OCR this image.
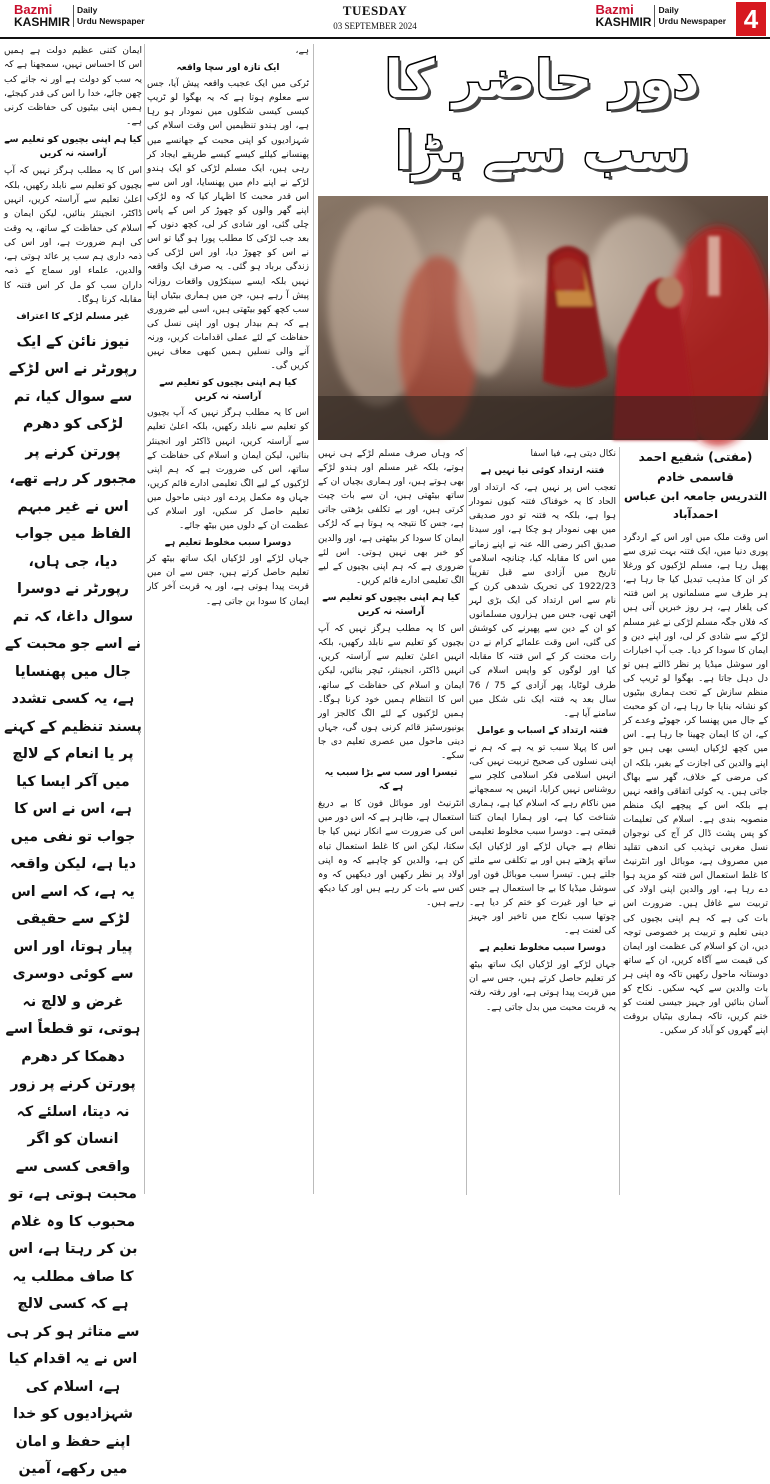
Bazmi
KASHMIR
Daily
Urdu Newspaper
TUESDAY
03 SEPTEMBER 2024
Bazmi
KASHMIR
Daily
Urdu Newspaper 4

ایمان کتنی عظیم دولت ہے ہمیں اس کا احساس نہیں، سمجھنا ہے کہ یہ سب کو دولت ہے اور نہ جانے کب چھن جائے، خدا را اس کی قدر کیجئے، ہمیں اپنی بیٹیوں کی حفاظت کرنی ہے۔

کیا ہم اپنی بچیوں کو تعلیم سے آراستہ نہ کریں

اس کا یہ مطلب ہرگز نہیں کہ آپ بچیوں کو تعلیم سے نابلد رکھیں، بلکہ اعلیٰ تعلیم سے آراستہ کریں، انہیں ڈاکٹر، انجینئر بنائیں، لیکن ایمان و اسلام کی حفاظت کے ساتھ، یہ وقت کی اہم ضرورت ہے، اور اس کی ذمہ داری ہم سب پر عائد ہوتی ہے، والدین، علماء اور سماج کے ذمہ داران سب کو مل کر اس فتنہ کا مقابلہ کرنا ہوگا۔

غیر مسلم لڑکے کا اعتراف

نیوز نائن کے ایک رپورٹر نے اس لڑکے سے سوال کیا، تم لڑکی کو دھرم پورتن کرنے پر مجبور کر رہے تھے، اس نے غیر مبہم الفاظ میں جواب دیا، جی ہاں، رپورٹر نے دوسرا سوال داغا، کہ تم نے اسے جو محبت کے جال میں پھنسایا ہے، یہ کسی تشدد پسند تنظیم کے کہنے پر یا انعام کے لالچ میں آکر ایسا کیا ہے، اس نے اس کا جواب تو نفی میں دیا ہے، لیکن واقعہ یہ ہے، کہ اسے اس لڑکے سے حقیقی پیار ہوتا، اور اس سے کوئی دوسری غرض و لالچ نہ ہوتی، تو قطعاً اسے دھمکا کر دھرم پورتن کرنے پر زور نہ دیتا، اسلئے کہ انسان کو اگر واقعی کسی سے محبت ہوتی ہے، تو محبوب کا وہ غلام بن کر رہتا ہے، اس کا صاف مطلب یہ ہے کہ کسی لالچ سے متاثر ہو کر ہی اس نے یہ اقدام کیا ہے، اسلام کی شہزادیوں کو خدا اپنے حفظ و امان میں رکھے، آمین

ہے،

ایک تازہ اور سچا واقعہ

ٹرکی میں ایک عجیب واقعہ پیش آیا، جس سے معلوم ہوتا ہے کہ یہ بھگوا لو ٹریپ کیسی کیسی شکلوں میں نمودار ہو رہا ہے، اور ہندو تنظیمیں اس وقت اسلام کی شہزادیوں کو اپنی محبت کے جھانسے میں پھنسانے کیلئے کیسے کیسے طریقے ایجاد کر رہی ہیں، ایک مسلم لڑکی کو ایک ہندو لڑکے نے اپنے دام میں پھنسایا، اور اس سے اس قدر محبت کا اظہار کیا کہ وہ لڑکی اپنے گھر والوں کو چھوڑ کر اس کے پاس چلی گئی، اور شادی کر لی، کچھ دنوں کے بعد جب لڑکی کا مطلب پورا ہو گیا تو اس نے اس کو چھوڑ دیا، اور اس لڑکی کی زندگی برباد ہو گئی۔ یہ صرف ایک واقعہ نہیں بلکہ ایسے سینکڑوں واقعات روزانہ پیش آ رہے ہیں، جن میں ہماری بیٹیاں اپنا سب کچھ کھو بیٹھتی ہیں، اسی لیے ضروری ہے کہ ہم بیدار ہوں اور اپنی نسل کی حفاظت کے لئے عملی اقدامات کریں، ورنہ آنے والی نسلیں ہمیں کبھی معاف نہیں کریں گی۔

کیا ہم اپنی بچیوں کو تعلیم سے آراستہ نہ کریں

اس کا یہ مطلب ہرگز نہیں کہ آپ بچیوں کو تعلیم سے نابلد رکھیں، بلکہ اعلیٰ تعلیم سے آراستہ کریں، انہیں ڈاکٹر اور انجینئر بنائیں، لیکن ایمان و اسلام کی حفاظت کے ساتھ، اس کی ضرورت ہے کہ ہم اپنی لڑکیوں کے لیے الگ تعلیمی ادارے قائم کریں، جہاں وہ مکمل پردے اور دینی ماحول میں تعلیم حاصل کر سکیں، اور اسلام کی عظمت ان کے دلوں میں بیٹھ جائے۔

دوسرا سبب مخلوط تعلیم ہے

جہاں لڑکے اور لڑکیاں ایک ساتھ بیٹھ کر تعلیم حاصل کرتے ہیں، جس سے ان میں قربت پیدا ہوتی ہے، اور یہ قربت آخر کار ایمان کا سودا بن جاتی ہے۔

دور حاضر کا
سب سے بڑا

کہ وہاں صرف مسلم لڑکے ہی نہیں ہوتے، بلکہ غیر مسلم اور ہندو لڑکے بھی ہوتے ہیں، اور ہماری بچیاں ان کے ساتھ بیٹھتی ہیں، ان سے بات چیت کرتی ہیں، اور بے تکلفی بڑھتی جاتی ہے، جس کا نتیجہ یہ ہوتا ہے کہ لڑکی ایمان کا سودا کر بیٹھتی ہے، اور والدین کو خبر بھی نہیں ہوتی۔ اس لئے ضروری ہے کہ ہم اپنی بچیوں کے لیے الگ تعلیمی ادارے قائم کریں۔

کیا ہم اپنی بچیوں کو تعلیم سے آراستہ نہ کریں

اس کا یہ مطلب ہرگز نہیں کہ آپ بچیوں کو تعلیم سے نابلد رکھیں، بلکہ انہیں اعلیٰ تعلیم سے آراستہ کریں، انہیں ڈاکٹر، انجینئر، ٹیچر بنائیں، لیکن ایمان و اسلام کی حفاظت کے ساتھ، اس کا انتظام ہمیں خود کرنا ہوگا۔ ہمیں لڑکیوں کے لئے الگ کالجز اور یونیورسٹیز قائم کرنی ہوں گی، جہاں دینی ماحول میں عصری تعلیم دی جا سکے۔

تیسرا اور سب سے بڑا سبب یہ ہے کہ

انٹرنیٹ اور موبائل فون کا بے دریغ استعمال ہے، ظاہر ہے کہ اس دور میں اس کی ضرورت سے انکار نہیں کیا جا سکتا، لیکن اس کا غلط استعمال تباہ کن ہے، والدین کو چاہیے کہ وہ اپنی اولاد پر نظر رکھیں اور دیکھیں کہ وہ کس سے بات کر رہے ہیں اور کیا دیکھ رہے ہیں۔

نکال دیتی ہے، فیا اسفا

فتنہ ارتداد کوئی نیا نہیں ہے

تعجب اس پر نہیں ہے، کہ ارتداد اور الحاد کا یہ خوفناک فتنہ کیوں نمودار ہوا ہے، بلکہ یہ فتنہ تو دور صدیقی میں بھی نمودار ہو چکا ہے، اور سیدنا صدیق اکبر رضی اللہ عنہ نے اپنے زمانے میں اس کا مقابلہ کیا، چنانچہ اسلامی تاریخ میں آزادی سے قبل تقریباً 1922/23 کی تحریک شدھی کرن کے نام سے اس ارتداد کی ایک بڑی لہر اٹھی تھی، جس میں ہزاروں مسلمانوں کو ان کے دین سے پھیرنے کی کوشش کی گئی، اس وقت علمائے کرام نے دن رات محنت کر کے اس فتنہ کا مقابلہ کیا اور لوگوں کو واپس اسلام کی طرف لوٹایا، پھر آزادی کے 75 / 76 سال بعد یہ فتنہ ایک نئی شکل میں سامنے آیا ہے۔

فتنہ ارتداد کے اسباب و عوامل

اس کا پہلا سبب تو یہ ہے کہ ہم نے اپنی نسلوں کی صحیح تربیت نہیں کی، انہیں اسلامی فکر اسلامی کلچر سے روشناس نہیں کرایا، انہیں یہ سمجھانے میں ناکام رہے کہ اسلام کیا ہے، ہماری شناخت کیا ہے، اور ہمارا ایمان کتنا قیمتی ہے۔ دوسرا سبب مخلوط تعلیمی نظام ہے جہاں لڑکے اور لڑکیاں ایک ساتھ پڑھتے ہیں اور بے تکلفی سے ملتے جلتے ہیں۔ تیسرا سبب موبائل فون اور سوشل میڈیا کا بے جا استعمال ہے جس نے حیا اور غیرت کو ختم کر دیا ہے۔ چوتھا سبب نکاح میں تاخیر اور جہیز کی لعنت ہے۔

دوسرا سبب مخلوط تعلیم ہے

جہاں لڑکے اور لڑکیاں ایک ساتھ بیٹھ کر تعلیم حاصل کرتے ہیں، جس سے ان میں قربت پیدا ہوتی ہے، اور رفتہ رفتہ یہ قربت محبت میں بدل جاتی ہے۔

(مفتی) شفیع احمد قاسمی خادم

التدریس جامعہ ابن عباس احمدآباد

اس وقت ملک میں اور اس کے اردگرد پوری دنیا میں، ایک فتنہ بہت تیزی سے پھیل رہا ہے، مسلم لڑکیوں کو ورغلا کر ان کا مذہب تبدیل کیا جا رہا ہے، ہر طرف سے مسلمانوں پر اس فتنہ کی یلغار ہے، ہر روز خبریں آتی ہیں کہ فلاں جگہ مسلم لڑکی نے غیر مسلم لڑکے سے شادی کر لی، اور اپنے دین و ایمان کا سودا کر دیا۔ جب آپ اخبارات اور سوشل میڈیا پر نظر ڈالتے ہیں تو دل دہل جاتا ہے۔ بھگوا لو ٹریپ کی منظم سازش کے تحت ہماری بیٹیوں کو نشانہ بنایا جا رہا ہے، ان کو محبت کے جال میں پھنسا کر، جھوٹے وعدے کر کے، ان کا ایمان چھینا جا رہا ہے۔ اس میں کچھ لڑکیاں ایسی بھی ہیں جو اپنے والدین کی اجازت کے بغیر، بلکہ ان کی مرضی کے خلاف، گھر سے بھاگ جاتی ہیں۔ یہ کوئی اتفاقی واقعہ نہیں ہے بلکہ اس کے پیچھے ایک منظم منصوبہ بندی ہے۔ اسلام کی تعلیمات کو پس پشت ڈال کر آج کی نوجوان نسل مغربی تہذیب کی اندھی تقلید میں مصروف ہے، موبائل اور انٹرنیٹ کا غلط استعمال اس فتنہ کو مزید ہوا دے رہا ہے، اور والدین اپنی اولاد کی تربیت سے غافل ہیں۔ ضرورت اس بات کی ہے کہ ہم اپنی بچیوں کی دینی تعلیم و تربیت پر خصوصی توجہ دیں، ان کو اسلام کی عظمت اور ایمان کی قیمت سے آگاہ کریں، ان کے ساتھ دوستانہ ماحول رکھیں تاکہ وہ اپنی ہر بات والدین سے کہہ سکیں۔ نکاح کو آسان بنائیں اور جہیز جیسی لعنت کو ختم کریں، تاکہ ہماری بیٹیاں بروقت اپنے گھروں کو آباد کر سکیں۔
